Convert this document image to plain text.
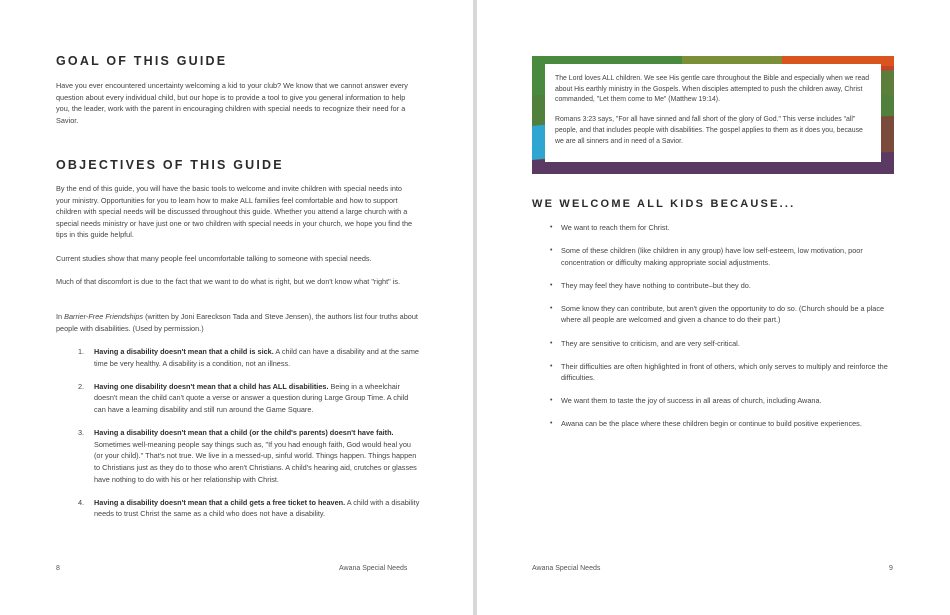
GOAL OF THIS GUIDE

Have you ever encountered uncertainty welcoming a kid to your club? We know that we cannot answer every question about every individual child, but our hope is to provide a tool to give you general information to help you, the leader, work with the parent in encouraging children with special needs to recognize their need for a Savior.

OBJECTIVES OF THIS GUIDE

By the end of this guide, you will have the basic tools to welcome and invite children with special needs into your ministry. Opportunities for you to learn how to make ALL families feel comfortable and how to support children with special needs will be discussed throughout this guide. Whether you attend a large church with a special needs ministry or have just one or two children with special needs in your church, we hope you find the tips in this guide helpful.

Current studies show that many people feel uncomfortable talking to someone with special needs.

Much of that discomfort is due to the fact that we want to do what is right, but we don't know what "right" is.

In Barrier-Free Friendships (written by Joni Eareckson Tada and Steve Jensen), the authors list four truths about people with disabilities. (Used by permission.)

1. Having a disability doesn't mean that a child is sick. A child can have a disability and at the same time be very healthy. A disability is a condition, not an illness.
2. Having one disability doesn't mean that a child has ALL disabilities. Being in a wheelchair doesn't mean the child can't quote a verse or answer a question during Large Group Time. A child can have a learning disability and still run around the Game Square.
3. Having a disability doesn't mean that a child (or the child's parents) doesn't have faith. Sometimes well-meaning people say things such as, "If you had enough faith, God would heal you (or your child)." That's not true. We live in a messed-up, sinful world. Things happen. Things happen to Christians just as they do to those who aren't Christians. A child's hearing aid, crutches or glasses have nothing to do with his or her relationship with Christ.
4. Having a disability doesn't mean that a child gets a free ticket to heaven. A child with a disability needs to trust Christ the same as a child who does not have a disability.
8	Awana Special Needs

The Lord loves ALL children. We see His gentle care throughout the Bible and especially when we read about His earthly ministry in the Gospels. When disciples attempted to push the children away, Christ commanded, "Let them come to Me" (Matthew 19:14).

Romans 3:23 says, "For all have sinned and fall short of the glory of God." This verse includes "all" people, and that includes people with disabilities. The gospel applies to them as it does you, because we are all sinners and in need of a Savior.

WE WELCOME ALL KIDS BECAUSE...
• We want to reach them for Christ.
• Some of these children (like children in any group) have low self-esteem, low motivation, poor concentration or difficulty making appropriate social adjustments.
• They may feel they have nothing to contribute–but they do.
• Some know they can contribute, but aren't given the opportunity to do so. (Church should be a place where all people are welcomed and given a chance to do their part.)
• They are sensitive to criticism, and are very self-critical.
• Their difficulties are often highlighted in front of others, which only serves to multiply and reinforce the difficulties.
• We want them to taste the joy of success in all areas of church, including Awana.
• Awana can be the place where these children begin or continue to build positive experiences.
Awana Special Needs	9
